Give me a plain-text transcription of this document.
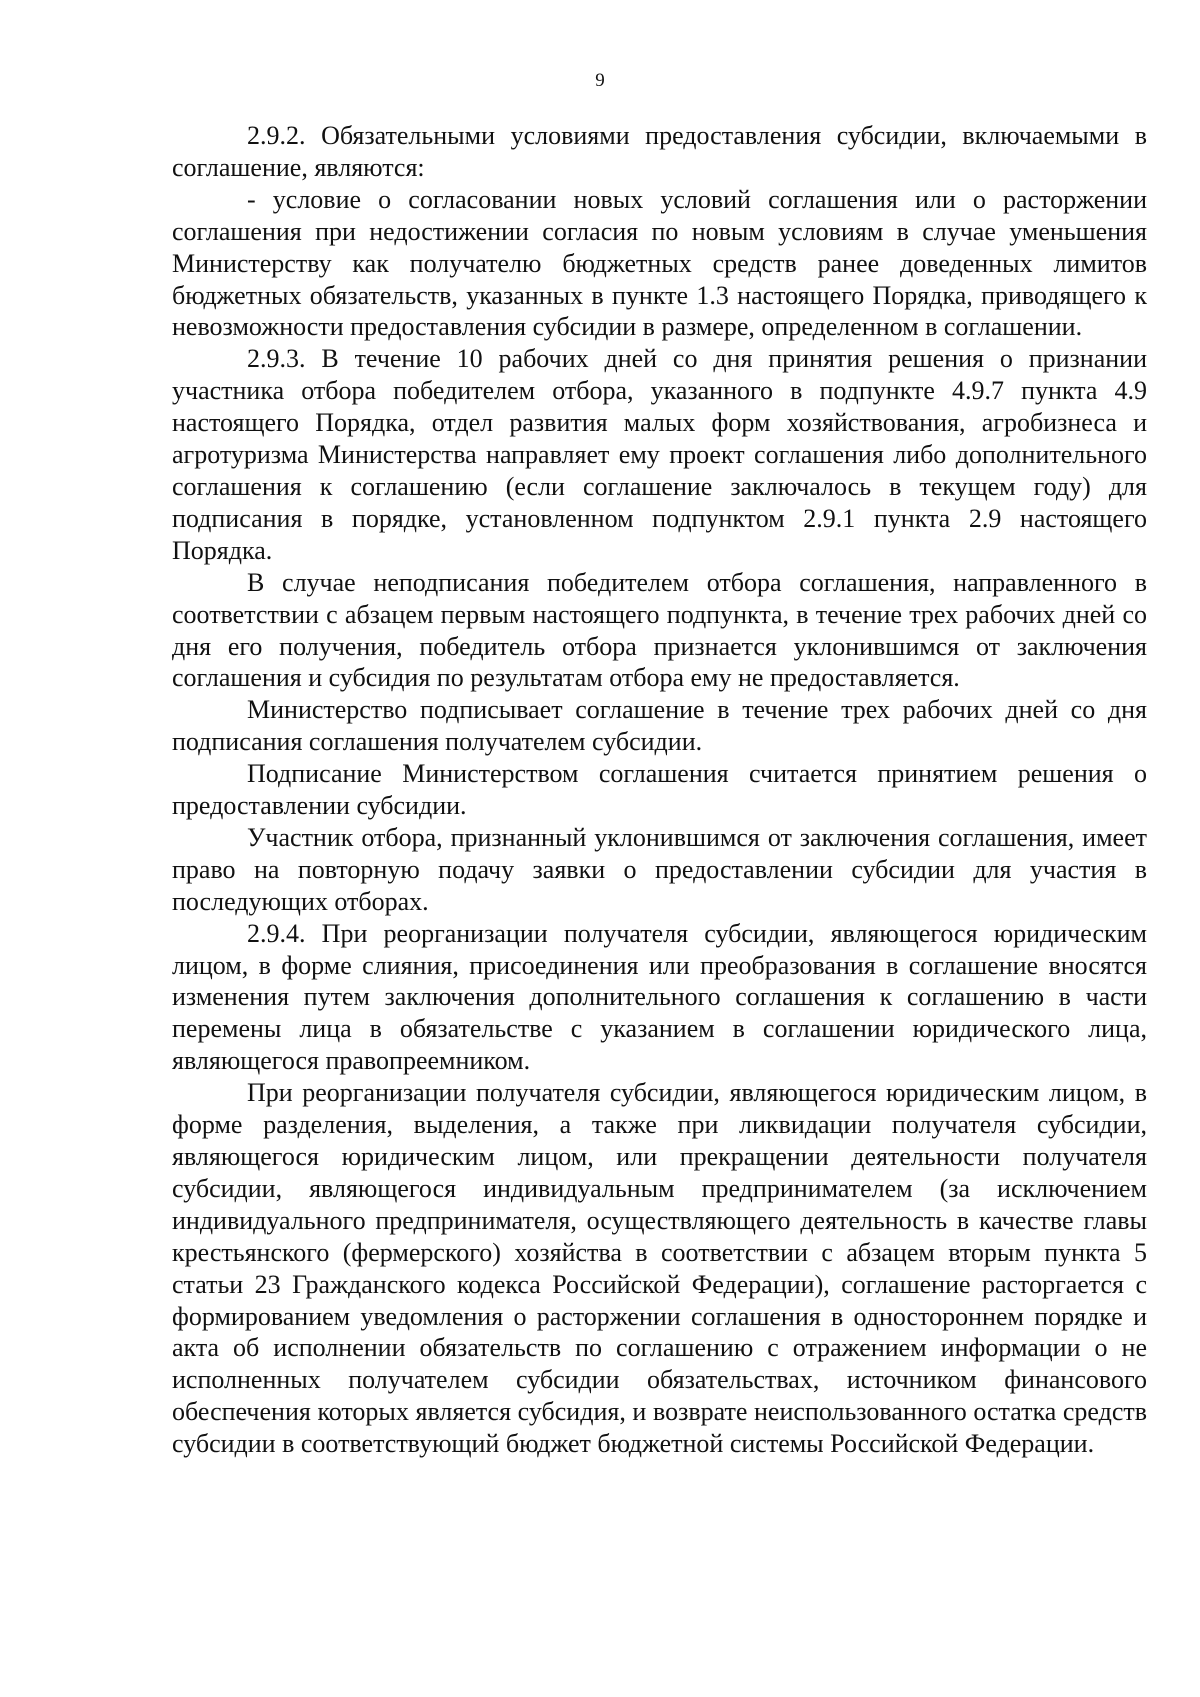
9

2.9.2. Обязательными условиями предоставления субсидии, включаемыми в соглашение, являются:

- условие о согласовании новых условий соглашения или о расторжении соглашения при недостижении согласия по новым условиям в случае уменьшения Министерству как получателю бюджетных средств ранее доведенных лимитов бюджетных обязательств, указанных в пункте 1.3 настоящего Порядка, приводящего к невозможности предоставления субсидии в размере, определенном в соглашении.

2.9.3. В течение 10 рабочих дней со дня принятия решения о признании участника отбора победителем отбора, указанного в подпункте 4.9.7 пункта 4.9 настоящего Порядка, отдел развития малых форм хозяйствования, агробизнеса и агротуризма Министерства направляет ему проект соглашения либо дополнительного соглашения к соглашению (если соглашение заключалось в текущем году) для подписания в порядке, установленном подпунктом 2.9.1 пункта 2.9 настоящего Порядка.

В случае неподписания победителем отбора соглашения, направленного в соответствии с абзацем первым настоящего подпункта, в течение трех рабочих дней со дня его получения, победитель отбора признается уклонившимся от заключения соглашения и субсидия по результатам отбора ему не предоставляется.

Министерство подписывает соглашение в течение трех рабочих дней со дня подписания соглашения получателем субсидии.

Подписание Министерством соглашения считается принятием решения о предоставлении субсидии.

Участник отбора, признанный уклонившимся от заключения соглашения, имеет право на повторную подачу заявки о предоставлении субсидии для участия в последующих отборах.

2.9.4. При реорганизации получателя субсидии, являющегося юридическим лицом, в форме слияния, присоединения или преобразования в соглашение вносятся изменения путем заключения дополнительного соглашения к соглашению в части перемены лица в обязательстве с указанием в соглашении юридического лица, являющегося правопреемником.

При реорганизации получателя субсидии, являющегося юридическим лицом, в форме разделения, выделения, а также при ликвидации получателя субсидии, являющегося юридическим лицом, или прекращении деятельности получателя субсидии, являющегося индивидуальным предпринимателем (за исключением индивидуального предпринимателя, осуществляющего деятельность в качестве главы крестьянского (фермерского) хозяйства в соответствии с абзацем вторым пункта 5 статьи 23 Гражданского кодекса Российской Федерации), соглашение расторгается с формированием уведомления о расторжении соглашения в одностороннем порядке и акта об исполнении обязательств по соглашению с отражением информации о не исполненных получателем субсидии обязательствах, источником финансового обеспечения которых является субсидия, и возврате неиспользованного остатка средств субсидии в соответствующий бюджет бюджетной системы Российской Федерации.
